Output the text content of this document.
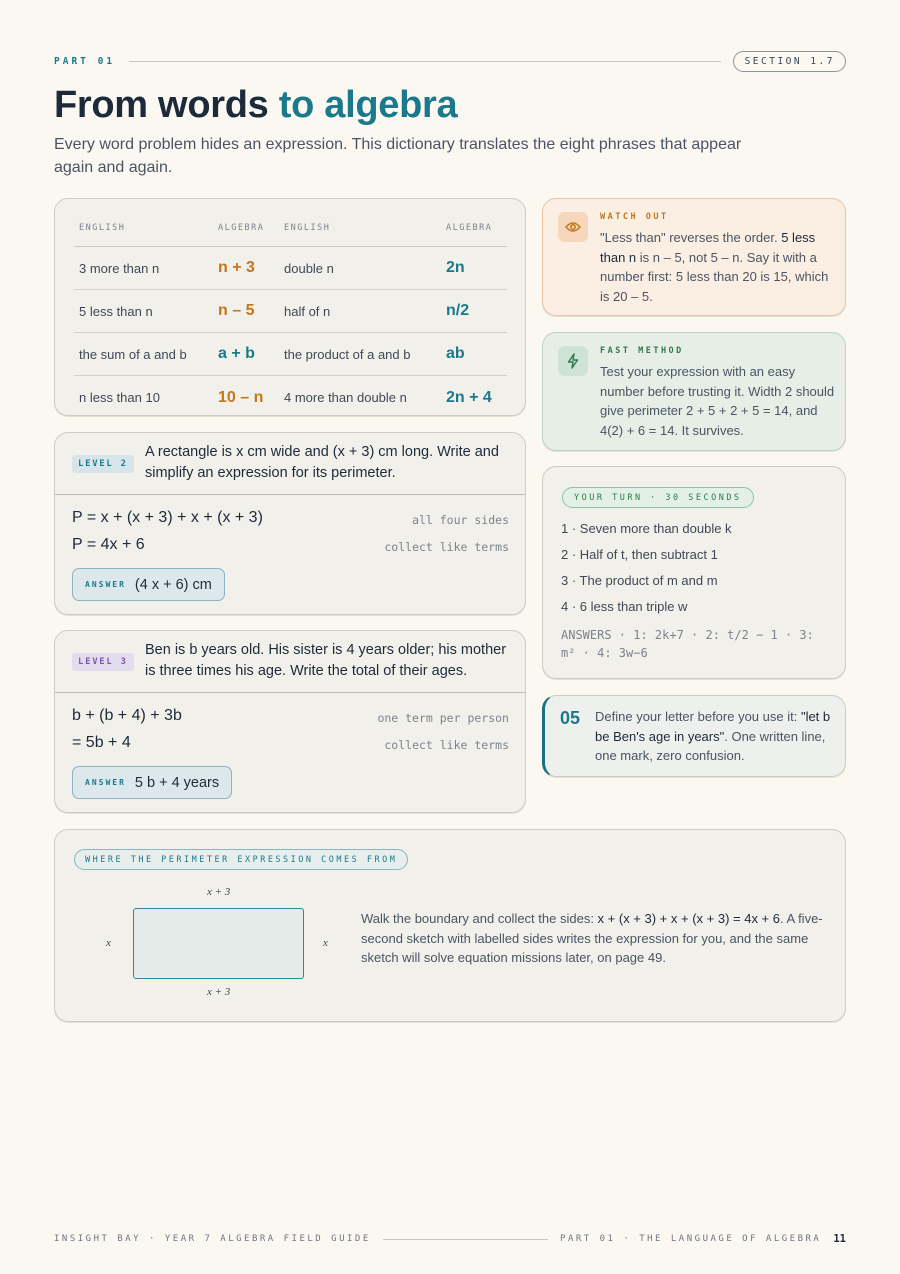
PART 01	SECTION 1.7
From words to algebra

Every word problem hides an expression. This dictionary translates the eight phrases that appear again and again.

ENGLISH	ALGEBRA	ENGLISH	ALGEBRA
3 more than n	n + 3	double n	2n
5 less than n	n – 5	half of n	n/2
the sum of a and b	a + b	the product of a and b	ab
n less than 10	10 – n	4 more than double n	2n + 4
WATCH OUT
"Less than" reverses the order. 5 less than n is n – 5, not 5 – n. Say it with a number first: 5 less than 20 is 15, which is 20 – 5.
FAST METHOD
Test your expression with an easy number before trusting it. Width 2 should give perimeter 2 + 5 + 2 + 5 = 14, and 4(2) + 6 = 14. It survives.
LEVEL 2
A rectangle is x cm wide and (x + 3) cm long. Write and simplify an expression for its perimeter.
P = x + (x + 3) + x + (x + 3)	all four sides
P = 4x + 6	collect like terms
ANSWER (4 x + 6) cm
LEVEL 3
Ben is b years old. His sister is 4 years older; his mother is three times his age. Write the total of their ages.
b + (b + 4) + 3b	one term per person
= 5b + 4	collect like terms
ANSWER 5 b + 4 years
YOUR TURN · 30 SECONDS
1 · Seven more than double k
2 · Half of t, then subtract 1
3 · The product of m and m
4 · 6 less than triple w
ANSWERS · 1: 2k+7 · 2: t/2 − 1 · 3: m² · 4: 3w−6
05 Define your letter before you use it: "let b be Ben's age in years". One written line, one mark, zero confusion.
WHERE THE PERIMETER EXPRESSION COMES FROM
x + 3
x	x
x + 3
Walk the boundary and collect the sides: x + (x + 3) + x + (x + 3) = 4x + 6. A five-second sketch with labelled sides writes the expression for you, and the same sketch will solve equation missions later, on page 49.
INSIGHT BAY · YEAR 7 ALGEBRA FIELD GUIDE	PART 01 · THE LANGUAGE OF ALGEBRA 11
